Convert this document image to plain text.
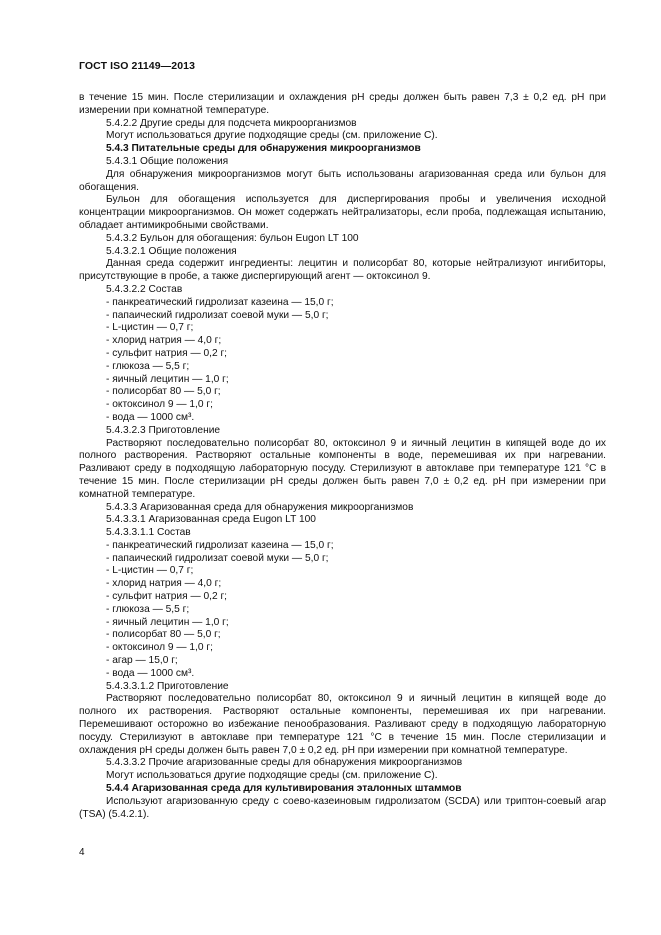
ГОСТ ISO 21149—2013

в течение 15 мин. После стерилизации и охлаждения pH среды должен быть равен 7,3 ± 0,2 ед. pH при измерении при комнатной температуре.

5.4.2.2 Другие среды для подсчета микроорганизмов

Могут использоваться другие подходящие среды (см. приложение С).

5.4.3 Питательные среды для обнаружения микроорганизмов

5.4.3.1 Общие положения

Для обнаружения микроорганизмов могут быть использованы агаризованная среда или бульон для обогащения.

Бульон для обогащения используется для диспергирования пробы и увеличения исходной концентрации микроорганизмов. Он может содержать нейтрализаторы, если проба, подлежащая испытанию, обладает антимикробными свойствами.

5.4.3.2 Бульон для обогащения: бульон Eugon LT 100

5.4.3.2.1 Общие положения

Данная среда содержит ингредиенты: лецитин и полисорбат 80, которые нейтрализуют ингибиторы, присутствующие в пробе, а также диспергирующий агент — октоксинол 9.

5.4.3.2.2 Состав

- панкреатический гидролизат казеина — 15,0 г;

- папаический гидролизат соевой муки — 5,0 г;

- L-цистин — 0,7 г;

- хлорид натрия — 4,0 г;

- сульфит натрия — 0,2 г;

- глюкоза — 5,5 г;

- яичный лецитин — 1,0 г;

- полисорбат 80 — 5,0 г;

- октоксинол 9 — 1,0 г;

- вода — 1000 см³.

5.4.3.2.3 Приготовление

Растворяют последовательно полисорбат 80, октоксинол 9 и яичный лецитин в кипящей воде до их полного растворения. Растворяют остальные компоненты в воде, перемешивая их при нагревании. Разливают среду в подходящую лабораторную посуду. Стерилизуют в автоклаве при температуре 121 °С в течение 15 мин. После стерилизации pH среды должен быть равен 7,0 ± 0,2 ед. pH при измерении при комнатной температуре.

5.4.3.3 Агаризованная среда для обнаружения микроорганизмов

5.4.3.3.1 Агаризованная среда Eugon LT 100

5.4.3.3.1.1 Состав

- панкреатический гидролизат казеина — 15,0 г;

- папаический гидролизат соевой муки — 5,0 г;

- L-цистин — 0,7 г;

- хлорид натрия — 4,0 г;

- сульфит натрия — 0,2 г;

- глюкоза — 5,5 г;

- яичный лецитин — 1,0 г;

- полисорбат 80 — 5,0 г;

- октоксинол 9 — 1,0 г;

- агар — 15,0 г;

- вода — 1000 см³.

5.4.3.3.1.2 Приготовление

Растворяют последовательно полисорбат 80, октоксинол 9 и яичный лецитин в кипящей воде до полного их растворения. Растворяют остальные компоненты, перемешивая их при нагревании. Перемешивают осторожно во избежание пенообразования. Разливают среду в подходящую лабораторную посуду. Стерилизуют в автоклаве при температуре 121 °С в течение 15 мин. После стерилизации и охлаждения pH среды должен быть равен 7,0 ± 0,2 ед. pH при измерении при комнатной температуре.

5.4.3.3.2 Прочие агаризованные среды для обнаружения микроорганизмов

Могут использоваться другие подходящие среды (см. приложение С).

5.4.4 Агаризованная среда для культивирования эталонных штаммов

Используют агаризованную среду с соево-казеиновым гидролизатом (SCDA) или триптон-соевый агар (TSA) (5.4.2.1).

4
